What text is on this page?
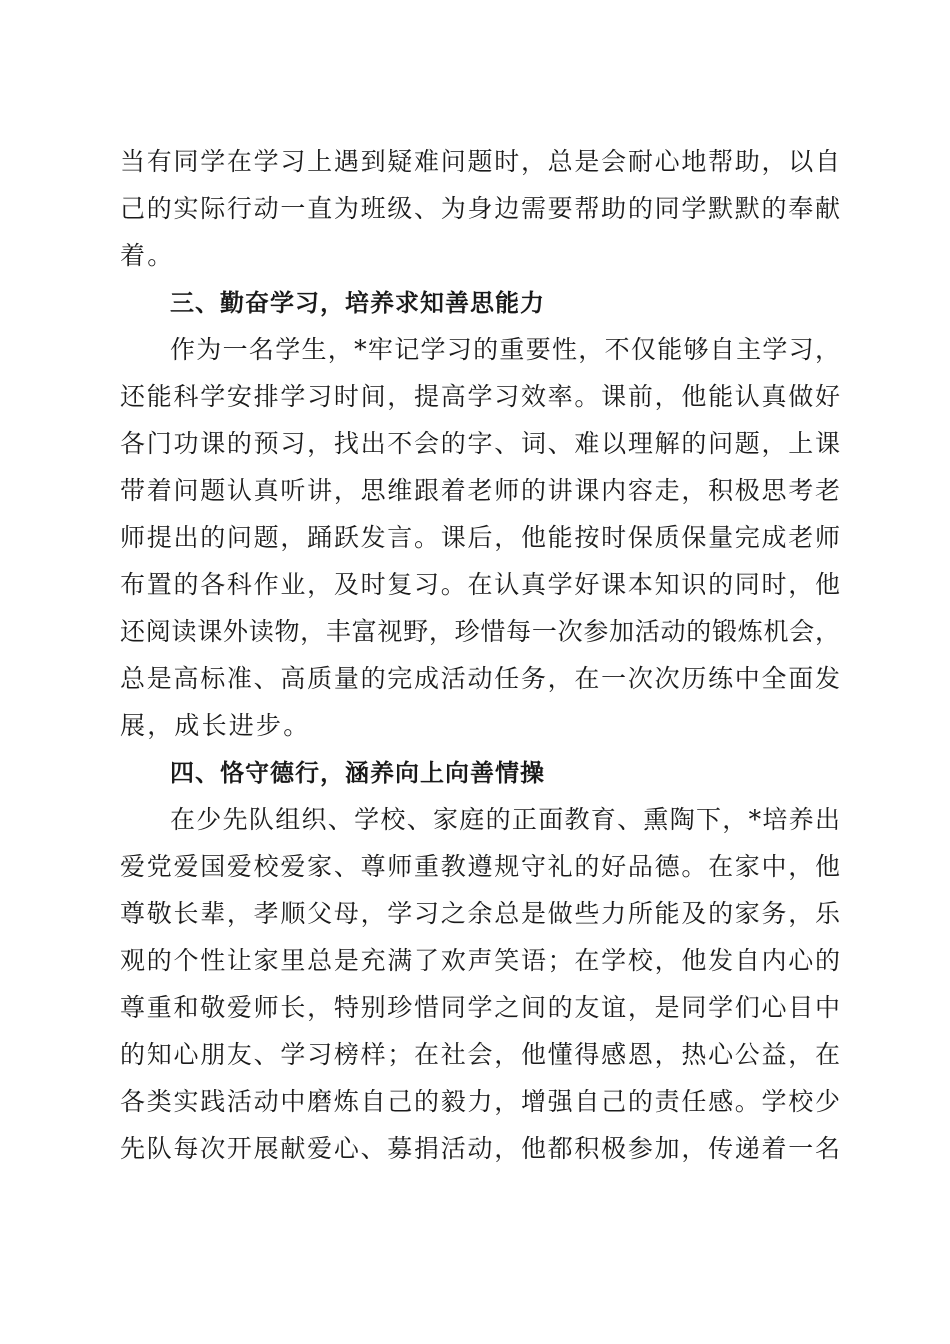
当有同学在学习上遇到疑难问题时，总是会耐心地帮助，以自
己的实际行动一直为班级、为身边需要帮助的同学默默的奉献
着。
三、勤奋学习，培养求知善思能力
作为一名学生，*牢记学习的重要性，不仅能够自主学习，
还能科学安排学习时间，提高学习效率。课前，他能认真做好
各门功课的预习，找出不会的字、词、难以理解的问题，上课
带着问题认真听讲，思维跟着老师的讲课内容走，积极思考老
师提出的问题，踊跃发言。课后，他能按时保质保量完成老师
布置的各科作业，及时复习。在认真学好课本知识的同时，他
还阅读课外读物，丰富视野，珍惜每一次参加活动的锻炼机会，
总是高标准、高质量的完成活动任务，在一次次历练中全面发
展，成长进步。
四、恪守德行，涵养向上向善情操
在少先队组织、学校、家庭的正面教育、熏陶下，*培养出
爱党爱国爱校爱家、尊师重教遵规守礼的好品德。在家中，他
尊敬长辈，孝顺父母，学习之余总是做些力所能及的家务，乐
观的个性让家里总是充满了欢声笑语；在学校，他发自内心的
尊重和敬爱师长，特别珍惜同学之间的友谊，是同学们心目中
的知心朋友、学习榜样；在社会，他懂得感恩，热心公益，在
各类实践活动中磨炼自己的毅力，增强自己的责任感。学校少
先队每次开展献爱心、募捐活动，他都积极参加，传递着一名
